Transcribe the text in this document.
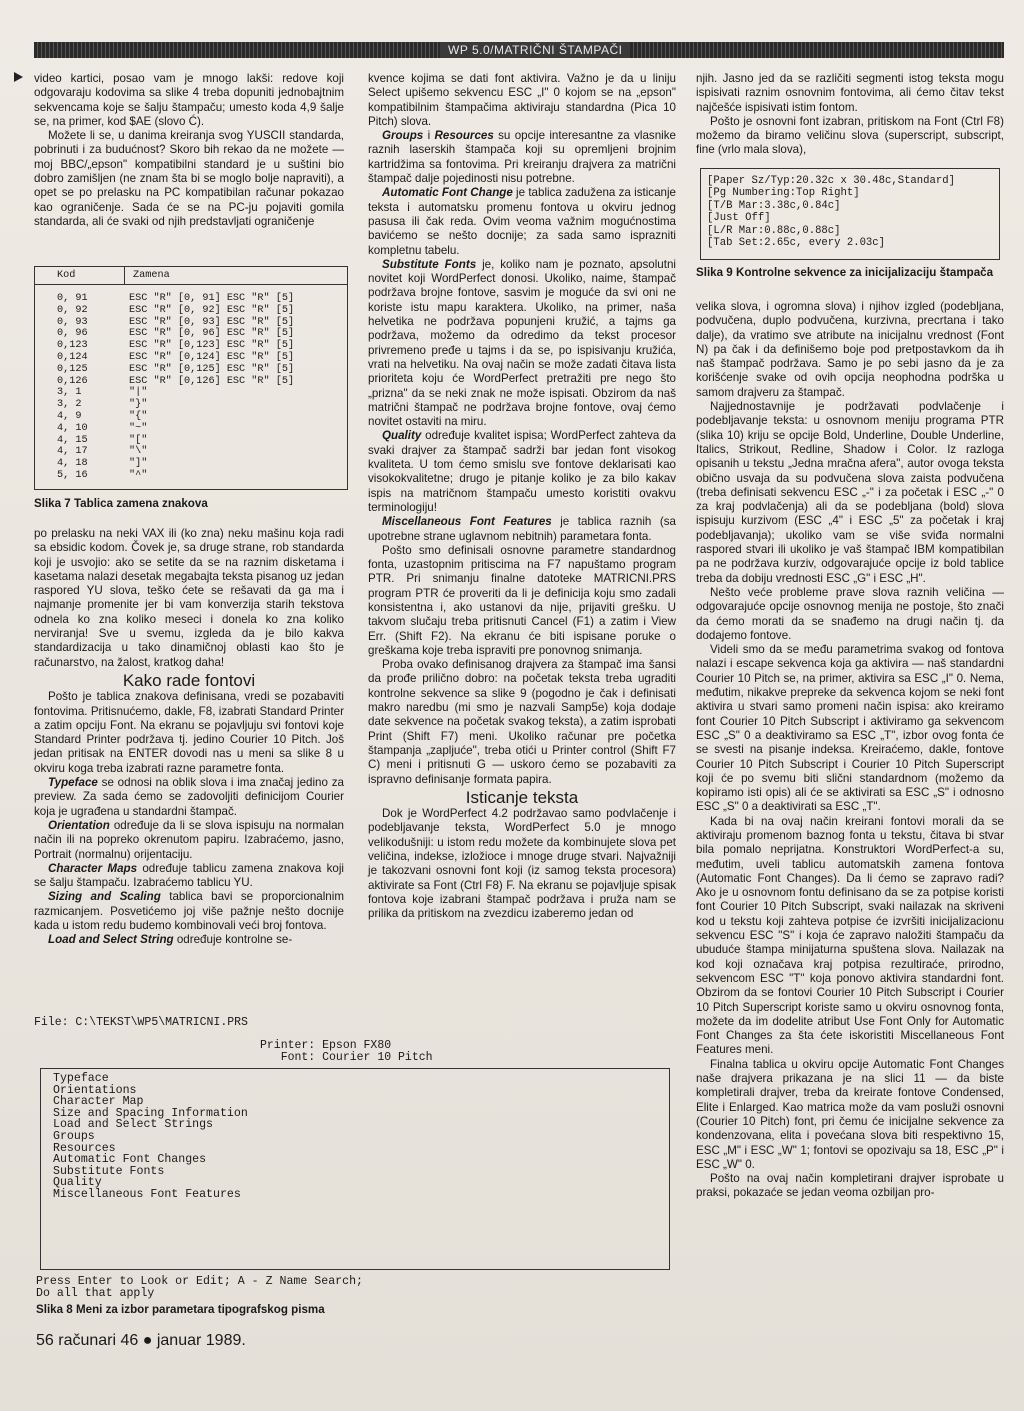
WP 5.0/MATRIČNI ŠTAMPAČI

video kartici, posao vam je mnogo lakši: redove koji odgovaraju kodovima sa slike 4 treba dopuniti jednobajtnim sekvencama koje se šalju štampaču; umesto koda 4,9 šalje se, na primer, kod $AE (slovo Ć).

Možete li se, u danima kreiranja svog YUSCII standarda, pobrinuti i za budućnost? Skoro bih rekao da ne možete — moj BBC/„epson" kompatibilni standard je u suštini bio dobro zamišljen (ne znam šta bi se moglo bolje napraviti), a opet se po prelasku na PC kompatibilan računar pokazao kao ograničenje. Sada će se na PC-ju pojaviti gomila standarda, ali će svaki od njih predstavljati ograničenje

Kod	Zamena
0, 91	ESC "R" [0, 91] ESC "R" [5]
0, 92	ESC "R" [0, 92] ESC "R" [5]
0, 93	ESC "R" [0, 93] ESC "R" [5]
0, 96	ESC "R" [0, 96] ESC "R" [5]
0,123	ESC "R" [0,123] ESC "R" [5]
0,124	ESC "R" [0,124] ESC "R" [5]
0,125	ESC "R" [0,125] ESC "R" [5]
0,126	ESC "R" [0,126] ESC "R" [5]
3, 1	"|"
3, 2	"}"
4, 9	"{"
4, 10	"~"
4, 15	"["
4, 17	"\"
4, 18	"]"
5, 16	"^"
Slika 7 Tablica zamena znakova

po prelasku na neki VAX ili (ko zna) neku mašinu koja radi sa ebsidic kodom. Čovek je, sa druge strane, rob standarda koji je usvojio: ako se setite da se na raznim disketama i kasetama nalazi desetak megabajta teksta pisanog uz jedan raspored YU slova, teško ćete se rešavati da ga ma i najmanje promenite jer bi vam konverzija starih tekstova odnela ko zna koliko meseci i donela ko zna koliko nerviranja! Sve u svemu, izgleda da je bilo kakva standardizacija u tako dinamičnoj oblasti kao što je računarstvo, na žalost, kratkog daha!

Kako rade fontovi

Pošto je tablica znakova definisana, vredi se pozabaviti fontovima. Pritisnućemo, dakle, F8, izabrati Standard Printer a zatim opciju Font. Na ekranu se pojavljuju svi fontovi koje Standard Printer podržava tj. jedino Courier 10 Pitch. Još jedan pritisak na ENTER dovodi nas u meni sa slike 8 u okviru koga treba izabrati razne parametre fonta.

Typeface se odnosi na oblik slova i ima značaj jedino za preview. Za sada ćemo se zadovoljiti definicijom Courier koja je ugrađena u standardni štampač.

Orientation određuje da li se slova ispisuju na normalan način ili na popreko okrenutom papiru. Izabraćemo, jasno, Portrait (normalnu) orijentaciju.

Character Maps određuje tablicu zamena znakova koji se šalju štampaču. Izabraćemo tablicu YU.

Sizing and Scaling tablica bavi se proporcionalnim razmicanjem. Posvetićemo joj više pažnje nešto docnije kada u istom redu budemo kombinovali veći broj fontova.

Load and Select String određuje kontrolne se-

File: C:\TEKST\WP5\MATRICNI.PRS
Printer: Epson FX80
Font: Courier 10 Pitch
Typeface
Orientations
Character Map
Size and Spacing Information
Load and Select Strings
Groups
Resources
Automatic Font Changes
Substitute Fonts
Quality
Miscellaneous Font Features
Press Enter to Look or Edit; A - Z Name Search;
Do all that apply
Slika 8 Meni za izbor parametara tipografskog pisma
56 računari 46 ● januar 1989.

kvence kojima se dati font aktivira. Važno je da u liniju Select upišemo sekvencu ESC „I" 0 kojom se na „epson" kompatibilnim štampačima aktiviraju standardna (Pica 10 Pitch) slova.

Groups i Resources su opcije interesantne za vlasnike raznih laserskih štampača koji su opremljeni brojnim kartridžima sa fontovima. Pri kreiranju drajvera za matrični štampač dalje pojedinosti nisu potrebne.

Automatic Font Change je tablica zadužena za isticanje teksta i automatsku promenu fontova u okviru jednog pasusa ili čak reda. Ovim veoma važnim mogućnostima bavićemo se nešto docnije; za sada samo isprazniti kompletnu tabelu.

Substitute Fonts je, koliko nam je poznato, apsolutni novitet koji WordPerfect donosi. Ukoliko, naime, štampač podržava brojne fontove, sasvim je moguće da svi oni ne koriste istu mapu karaktera. Ukoliko, na primer, naša helvetika ne podržava popunjeni kružić, a tajms ga podržava, možemo da odredimo da tekst procesor privremeno pređe u tajms i da se, po ispisivanju kružića, vrati na helvetiku. Na ovaj način se može zadati čitava lista prioriteta koju će WordPerfect pretražiti pre nego što „prizna" da se neki znak ne može ispisati. Obzirom da naš matrični štampač ne podržava brojne fontove, ovaj ćemo novitet ostaviti na miru.

Quality određuje kvalitet ispisa; WordPerfect zahteva da svaki drajver za štampač sadrži bar jedan font visokog kvaliteta. U tom ćemo smislu sve fontove deklarisati kao visokokvalitetne; drugo je pitanje koliko je za bilo kakav ispis na matričnom štampaču umesto koristiti ovakvu terminologiju!

Miscellaneous Font Features je tablica raznih (sa upotrebne strane uglavnom nebitnih) parametara fonta.

Pošto smo definisali osnovne parametre standardnog fonta, uzastopnim pritiscima na F7 napuštamo program PTR. Pri snimanju finalne datoteke MATRICNI.PRS program PTR će proveriti da li je definicija koju smo zadali konsistentna i, ako ustanovi da nije, prijaviti grešku. U takvom slučaju treba pritisnuti Cancel (F1) a zatim i View Err. (Shift F2). Na ekranu će biti ispisane poruke o greškama koje treba ispraviti pre ponovnog snimanja.

Proba ovako definisanog drajvera za štampač ima šansi da prođe prilično dobro: na početak teksta treba ugraditi kontrolne sekvence sa slike 9 (pogodno je čak i definisati makro naredbu (mi smo je nazvali Samp5e) koja dodaje date sekvence na početak svakog teksta), a zatim isprobati Print (Shift F7) meni. Ukoliko računar pre početka štampanja „zapljuće", treba otići u Printer control (Shift F7 C) meni i pritisnuti G — uskoro ćemo se pozabaviti za ispravno definisanje formata papira.

Isticanje teksta

Dok je WordPerfect 4.2 podržavao samo podvlačenje i podebljavanje teksta, WordPerfect 5.0 je mnogo velikodušniji: u istom redu možete da kombinujete slova pet veličina, indekse, izložioce i mnoge druge stvari. Najvažniji je takozvani osnovni font koji (iz samog teksta procesora) aktivirate sa Font (Ctrl F8) F. Na ekranu se pojavljuje spisak fontova koje izabrani štampač podržava i pruža nam se prilika da pritiskom na zvezdicu izaberemo jedan od

njih. Jasno jed da se različiti segmenti istog teksta mogu ispisivati raznim osnovnim fontovima, ali ćemo čitav tekst najčešće ispisivati istim fontom.

Pošto je osnovni font izabran, pritiskom na Font (Ctrl F8) možemo da biramo veličinu slova (superscript, subscript, fine (vrlo mala slova),

[Paper Sz/Typ:20.32c x 30.48c,Standard]
[Pg Numbering:Top Right]
[T/B Mar:3.38c,0.84c]
[Just Off]
[L/R Mar:0.88c,0.88c]
[Tab Set:2.65c, every 2.03c]
Slika 9 Kontrolne sekvence za inicijalizaciju štampača

velika slova, i ogromna slova) i njihov izgled (podebljana, podvučena, duplo podvučena, kurzivna, precrtana i tako dalje), da vratimo sve atribute na inicijalnu vrednost (Font N) pa čak i da definišemo boje pod pretpostavkom da ih naš štampač podržava. Samo je po sebi jasno da je za korišćenje svake od ovih opcija neophodna podrška u samom drajveru za štampač.

Najjednostavnije je podržavati podvlačenje i podebljavanje teksta: u osnovnom meniju programa PTR (slika 10) kriju se opcije Bold, Underline, Double Underline, Italics, Strikout, Redline, Shadow i Color. Iz razloga opisanih u tekstu „Jedna mračna afera", autor ovoga teksta obično usvaja da su podvučena slova zaista podvučena (treba definisati sekvencu ESC „-" i za početak i ESC „-" 0 za kraj podvlačenja) ali da se podebljana (bold) slova ispisuju kurzivom (ESC „4" i ESC „5" za početak i kraj podebljavanja); ukoliko vam se više sviđa normalni raspored stvari ili ukoliko je vaš štampač IBM kompatibilan pa ne podržava kurziv, odgovarajuće opcije iz bold tablice treba da dobiju vrednosti ESC „G" i ESC „H".

Nešto veće probleme prave slova raznih veličina — odgovarajuće opcije osnovnog menija ne postoje, što znači da ćemo morati da se snađemo na drugi način tj. da dodajemo fontove.

Videli smo da se među parametrima svakog od fontova nalazi i escape sekvenca koja ga aktivira — naš standardni Courier 10 Pitch se, na primer, aktivira sa ESC „I" 0. Nema, međutim, nikakve prepreke da sekvenca kojom se neki font aktivira u stvari samo promeni način ispisa: ako kreiramo font Courier 10 Pitch Subscript i aktiviramo ga sekvencom ESC „S" 0 a deaktiviramo sa ESC „T", izbor ovog fonta će se svesti na pisanje indeksa. Kreiraćemo, dakle, fontove Courier 10 Pitch Subscript i Courier 10 Pitch Superscript koji će po svemu biti slični standardnom (možemo da kopiramo isti opis) ali će se aktivirati sa ESC „S" i odnosno ESC „S" 0 a deaktivirati sa ESC „T".

Kada bi na ovaj način kreirani fontovi morali da se aktiviraju promenom baznog fonta u tekstu, čitava bi stvar bila pomalo neprijatna. Konstruktori WordPerfect-a su, međutim, uveli tablicu automatskih zamena fontova (Automatic Font Changes). Da li ćemo se zapravo radi? Ako je u osnovnom fontu definisano da se za potpise koristi font Courier 10 Pitch Subscript, svaki nailazak na skriveni kod u tekstu koji zahteva potpise će izvršiti inicijalizacionu sekvencu ESC "S" i koja će zapravo naložiti štampaču da ubuduće štampa minijaturna spuštena slova. Nailazak na kod koji označava kraj potpisa rezultiraće, prirodno, sekvencom ESC "T" koja ponovo aktivira standardni font. Obzirom da se fontovi Courier 10 Pitch Subscript i Courier 10 Pitch Superscript koriste samo u okviru osnovnog fonta, možete da im dodelite atribut Use Font Only for Automatic Font Changes za šta ćete iskoristiti Miscellaneous Font Features meni.

Finalna tablica u okviru opcije Automatic Font Changes naše drajvera prikazana je na slici 11 — da biste kompletirali drajver, treba da kreirate fontove Condensed, Elite i Enlarged. Kao matrica može da vam posluži osnovni (Courier 10 Pitch) font, pri čemu će inicijalne sekvence za kondenzovana, elita i povećana slova biti respektivno 15, ESC „M" i ESC „W" 1; fontovi se opozivaju sa 18, ESC „P" i ESC „W" 0.

Pošto na ovaj način kompletirani drajver isprobate u praksi, pokazaće se jedan veoma ozbiljan pro-
